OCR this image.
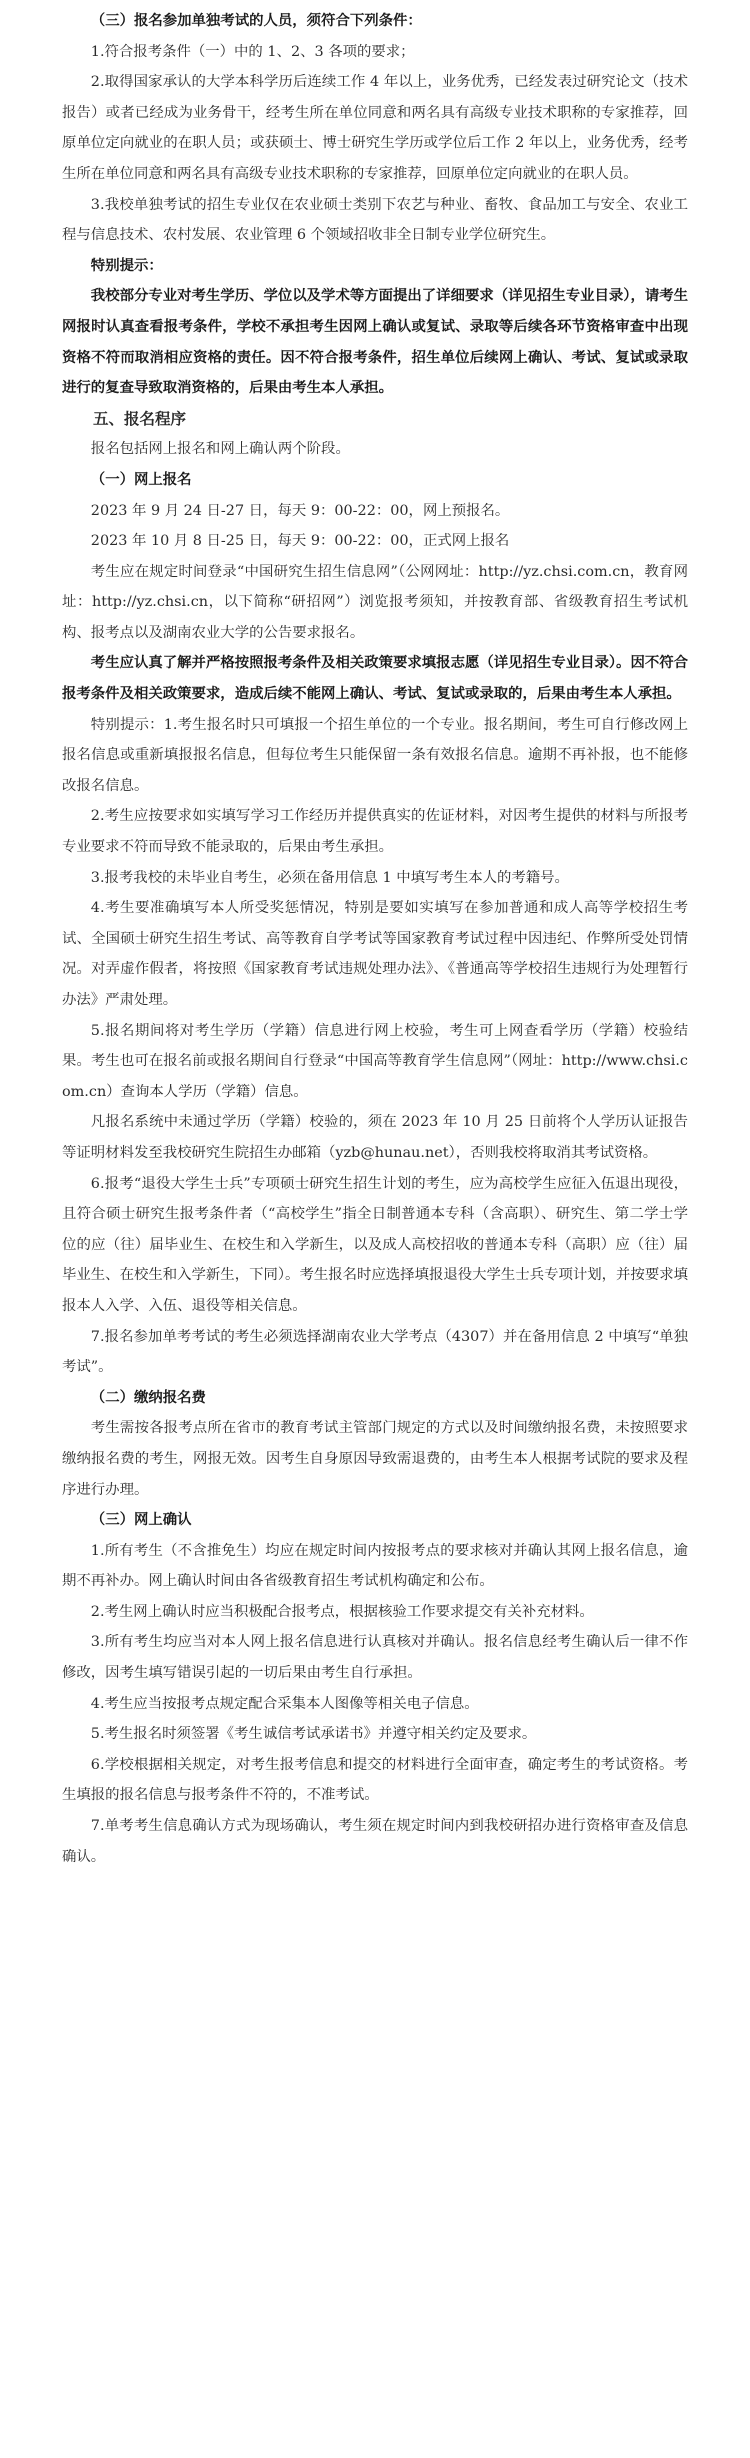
（三）报名参加单独考试的人员，须符合下列条件：

1.符合报考条件（一）中的 1、2、3 各项的要求；

2.取得国家承认的大学本科学历后连续工作 4 年以上，业务优秀，已经发表过研究论文（技术报告）或者已经成为业务骨干，经考生所在单位同意和两名具有高级专业技术职称的专家推荐，回原单位定向就业的在职人员；或获硕士、博士研究生学历或学位后工作 2 年以上，业务优秀，经考生所在单位同意和两名具有高级专业技术职称的专家推荐，回原单位定向就业的在职人员。

3.我校单独考试的招生专业仅在农业硕士类别下农艺与种业、畜牧、食品加工与安全、农业工程与信息技术、农村发展、农业管理 6 个领域招收非全日制专业学位研究生。

特别提示：

我校部分专业对考生学历、学位以及学术等方面提出了详细要求（详见招生专业目录），请考生网报时认真查看报考条件，学校不承担考生因网上确认或复试、录取等后续各环节资格审查中出现资格不符而取消相应资格的责任。因不符合报考条件，招生单位后续网上确认、考试、复试或录取进行的复查导致取消资格的，后果由考生本人承担。

五、报名程序

报名包括网上报名和网上确认两个阶段。

（一）网上报名

2023 年 9 月 24 日-27 日，每天 9：00-22：00，网上预报名。

2023 年 10 月 8 日-25 日，每天 9：00-22：00，正式网上报名

考生应在规定时间登录“中国研究生招生信息网”（公网网址：http://yz.chsi.com.cn，教育网址：http://yz.chsi.cn，以下简称“研招网”）浏览报考须知，并按教育部、省级教育招生考试机构、报考点以及湖南农业大学的公告要求报名。

考生应认真了解并严格按照报考条件及相关政策要求填报志愿（详见招生专业目录）。因不符合报考条件及相关政策要求，造成后续不能网上确认、考试、复试或录取的，后果由考生本人承担。

特别提示：1.考生报名时只可填报一个招生单位的一个专业。报名期间，考生可自行修改网上报名信息或重新填报报名信息，但每位考生只能保留一条有效报名信息。逾期不再补报，也不能修改报名信息。

2.考生应按要求如实填写学习工作经历并提供真实的佐证材料，对因考生提供的材料与所报考专业要求不符而导致不能录取的，后果由考生承担。

3.报考我校的未毕业自考生，必须在备用信息 1 中填写考生本人的考籍号。

4.考生要准确填写本人所受奖惩情况，特别是要如实填写在参加普通和成人高等学校招生考试、全国硕士研究生招生考试、高等教育自学考试等国家教育考试过程中因违纪、作弊所受处罚情况。对弄虚作假者，将按照《国家教育考试违规处理办法》、《普通高等学校招生违规行为处理暂行办法》严肃处理。

5.报名期间将对考生学历（学籍）信息进行网上校验，考生可上网查看学历（学籍）校验结果。考生也可在报名前或报名期间自行登录“中国高等教育学生信息网”（网址：http://www.chsi.com.cn）查询本人学历（学籍）信息。

凡报名系统中未通过学历（学籍）校验的，须在 2023 年 10 月 25 日前将个人学历认证报告等证明材料发至我校研究生院招生办邮箱（yzb@hunau.net），否则我校将取消其考试资格。

6.报考“退役大学生士兵”专项硕士研究生招生计划的考生，应为高校学生应征入伍退出现役，且符合硕士研究生报考条件者（“高校学生”指全日制普通本专科（含高职）、研究生、第二学士学位的应（往）届毕业生、在校生和入学新生，以及成人高校招收的普通本专科（高职）应（往）届毕业生、在校生和入学新生，下同）。考生报名时应选择填报退役大学生士兵专项计划，并按要求填报本人入学、入伍、退役等相关信息。

7.报名参加单考考试的考生必须选择湖南农业大学考点（4307）并在备用信息 2 中填写“单独考试”。

（二）缴纳报名费

考生需按各报考点所在省市的教育考试主管部门规定的方式以及时间缴纳报名费，未按照要求缴纳报名费的考生，网报无效。因考生自身原因导致需退费的，由考生本人根据考试院的要求及程序进行办理。

（三）网上确认

1.所有考生（不含推免生）均应在规定时间内按报考点的要求核对并确认其网上报名信息，逾期不再补办。网上确认时间由各省级教育招生考试机构确定和公布。

2.考生网上确认时应当积极配合报考点，根据核验工作要求提交有关补充材料。

3.所有考生均应当对本人网上报名信息进行认真核对并确认。报名信息经考生确认后一律不作修改，因考生填写错误引起的一切后果由考生自行承担。

4.考生应当按报考点规定配合采集本人图像等相关电子信息。

5.考生报名时须签署《考生诚信考试承诺书》并遵守相关约定及要求。

6.学校根据相关规定，对考生报考信息和提交的材料进行全面审查，确定考生的考试资格。考生填报的报名信息与报考条件不符的，不准考试。

7.单考考生信息确认方式为现场确认，考生须在规定时间内到我校研招办进行资格审查及信息确认。
